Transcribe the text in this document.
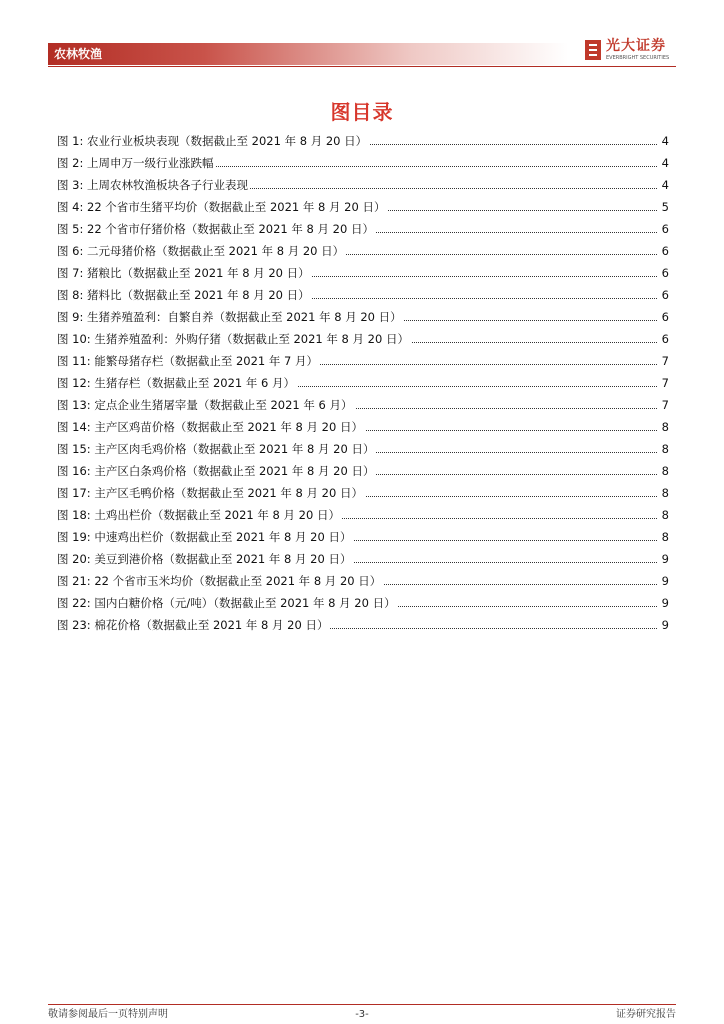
农林牧渔	光大证券
EVERBRIGHT SECURITIES
图目录
图 1: 农业行业板块表现（数据截止至 2021 年 8 月 20 日）	4
图 2: 上周申万一级行业涨跌幅	4
图 3: 上周农林牧渔板块各子行业表现	4
图 4: 22 个省市生猪平均价（数据截止至 2021 年 8 月 20 日）	5
图 5: 22 个省市仔猪价格（数据截止至 2021 年 8 月 20 日）	6
图 6: 二元母猪价格（数据截止至 2021 年 8 月 20 日）	6
图 7: 猪粮比（数据截止至 2021 年 8 月 20 日）	6
图 8: 猪料比（数据截止至 2021 年 8 月 20 日）	6
图 9: 生猪养殖盈利：自繁自养（数据截止至 2021 年 8 月 20 日）	6
图 10: 生猪养殖盈利：外购仔猪（数据截止至 2021 年 8 月 20 日）	6
图 11: 能繁母猪存栏（数据截止至 2021 年 7 月）	7
图 12: 生猪存栏（数据截止至 2021 年 6 月）	7
图 13: 定点企业生猪屠宰量（数据截止至 2021 年 6 月）	7
图 14: 主产区鸡苗价格（数据截止至 2021 年 8 月 20 日）	8
图 15: 主产区肉毛鸡价格（数据截止至 2021 年 8 月 20 日）	8
图 16: 主产区白条鸡价格（数据截止至 2021 年 8 月 20 日）	8
图 17: 主产区毛鸭价格（数据截止至 2021 年 8 月 20 日）	8
图 18: 土鸡出栏价（数据截止至 2021 年 8 月 20 日）	8
图 19: 中速鸡出栏价（数据截止至 2021 年 8 月 20 日）	8
图 20: 美豆到港价格（数据截止至 2021 年 8 月 20 日）	9
图 21: 22 个省市玉米均价（数据截止至 2021 年 8 月 20 日）	9
图 22: 国内白糖价格（元/吨）（数据截止至 2021 年 8 月 20 日）	9
图 23: 棉花价格（数据截止至 2021 年 8 月 20 日）	9
敬请参阅最后一页特别声明	-3-	证券研究报告
